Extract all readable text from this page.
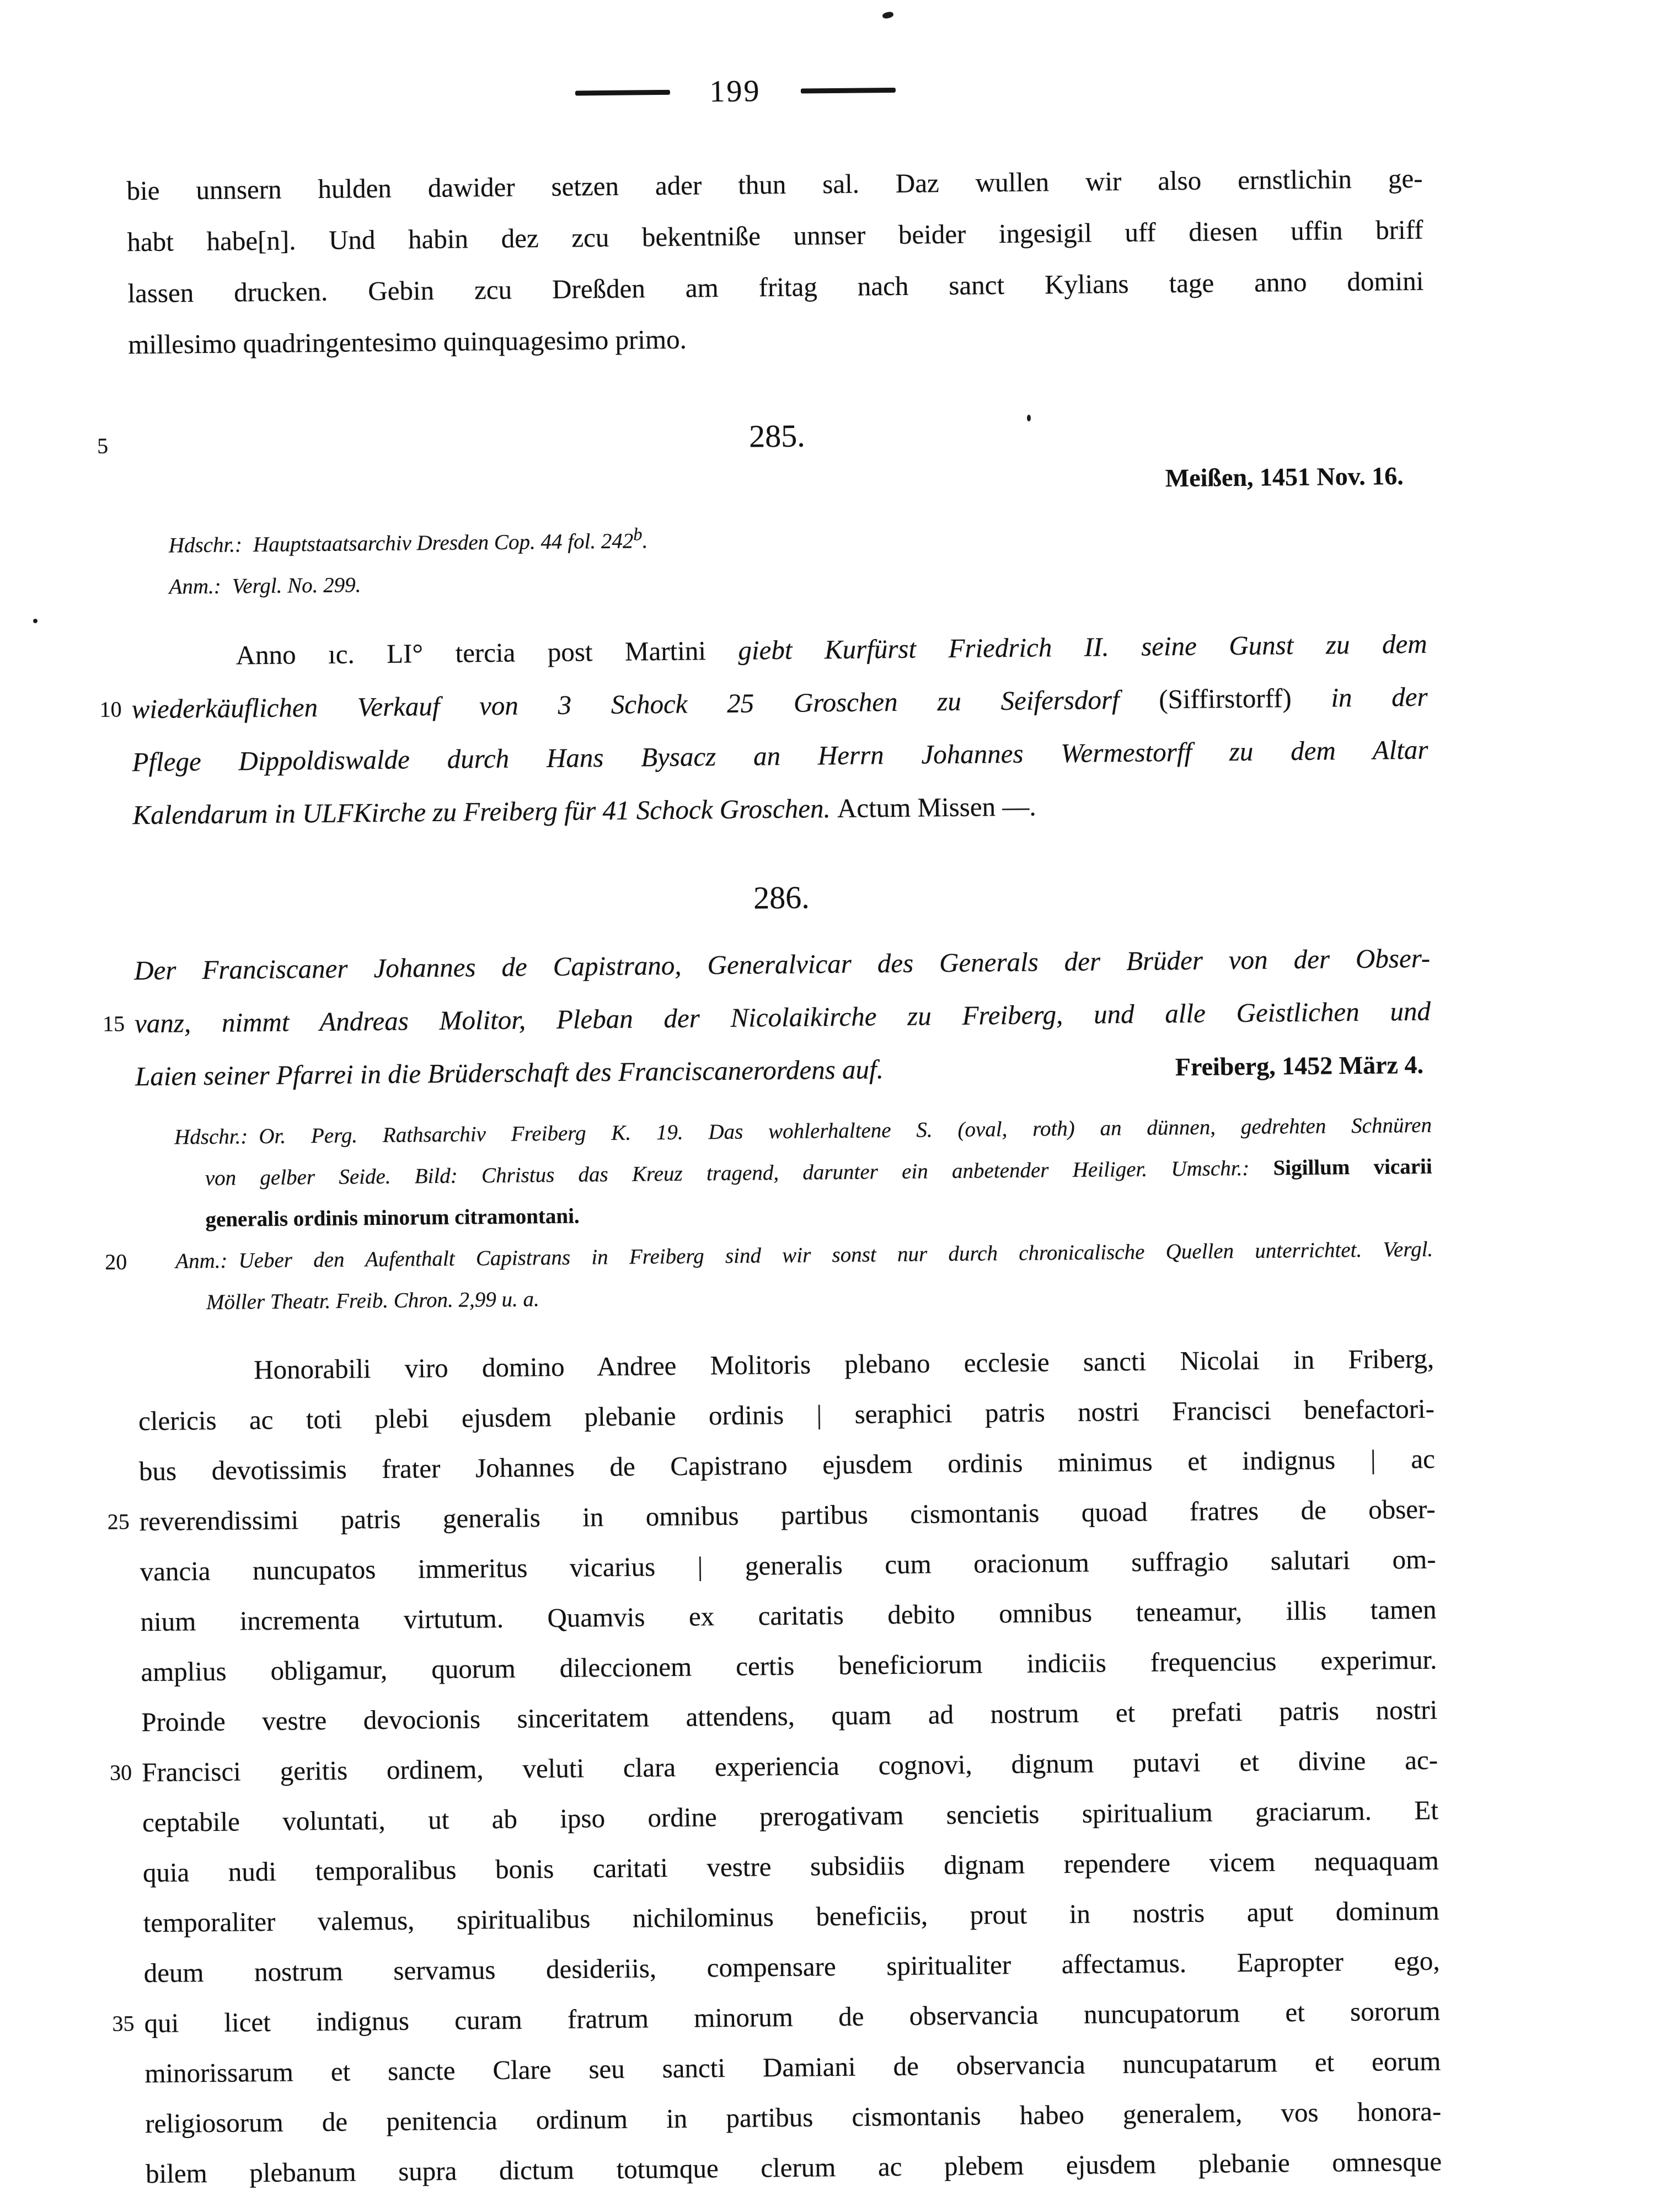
199
bie unnsern hulden dawider setzen ader thun sal. Daz wullen wir also ernstlichin ge-
habt habe[n]. Und habin dez zcu bekentniße unnser beider ingesigil uff diesen uffin briff
lassen drucken. Gebin zcu Dreßden am fritag nach sanct Kylians tage anno domini
millesimo quadringentesimo quinquagesimo primo.
5	285.
Meißen, 1451 Nov. 16.
Hdschr.: Hauptstaatsarchiv Dresden Cop. 44 fol. 242$^b$.
Anm.: Vergl. No. 299.
Anno ıc. LI° tercia post Martini giebt Kurfürst Friedrich II. seine Gunst zu dem
10 wiederkäuflichen Verkauf von 3 Schock 25 Groschen zu Seifersdorf (Siffirstorff) in der
Pflege Dippoldiswalde durch Hans Bysacz an Herrn Johannes Wermestorff zu dem Altar
Kalendarum in ULFKirche zu Freiberg für 41 Schock Groschen. Actum Missen —.
286.
Der Franciscaner Johannes de Capistrano, Generalvicar des Generals der Brüder von der Obser-
15 vanz, nimmt Andreas Molitor, Pleban der Nicolaikirche zu Freiberg, und alle Geistlichen und
Laien seiner Pfarrei in die Brüderschaft des Franciscanerordens auf.	Freiberg, 1452 März 4.
Hdschr.: Or. Perg. Rathsarchiv Freiberg K. 19. Das wohlerhaltene S. (oval, roth) an dünnen, gedrehten Schnüren
von gelber Seide. Bild: Christus das Kreuz tragend, darunter ein anbetender Heiliger. Umschr.: Sigillum vicarii
generalis ordinis minorum citramontani.
20	Anm.: Ueber den Aufenthalt Capistrans in Freiberg sind wir sonst nur durch chronicalische Quellen unterrichtet. Vergl.
Möller Theatr. Freib. Chron. 2,99 u. a.
Honorabili viro domino Andree Molitoris plebano ecclesie sancti Nicolai in Friberg,
clericis ac toti plebi ejusdem plebanie ordinis | seraphici patris nostri Francisci benefactori-
bus devotissimis frater Johannes de Capistrano ejusdem ordinis minimus et indignus | ac
25 reverendissimi patris generalis in omnibus partibus cismontanis quoad fratres de obser-
vancia nuncupatos immeritus vicarius | generalis cum oracionum suffragio salutari om-
nium incrementa virtutum. Quamvis ex caritatis debito omnibus teneamur, illis tamen
amplius obligamur, quorum dileccionem certis beneficiorum indiciis frequencius experimur.
Proinde vestre devocionis sinceritatem attendens, quam ad nostrum et prefati patris nostri
30 Francisci geritis ordinem, veluti clara experiencia cognovi, dignum putavi et divine ac-
ceptabile voluntati, ut ab ipso ordine prerogativam sencietis spiritualium graciarum. Et
quia nudi temporalibus bonis caritati vestre subsidiis dignam rependere vicem nequaquam
temporaliter valemus, spiritualibus nichilominus beneficiis, prout in nostris aput dominum
deum nostrum servamus desideriis, compensare spiritualiter affectamus. Eapropter ego,
35 qui licet indignus curam fratrum minorum de observancia nuncupatorum et sororum
minorissarum et sancte Clare seu sancti Damiani de observancia nuncupatarum et eorum
religiosorum de penitencia ordinum in partibus cismontanis habeo generalem, vos honora-
bilem plebanum supra dictum totumque clerum ac plebem ejusdem plebanie omnesque
